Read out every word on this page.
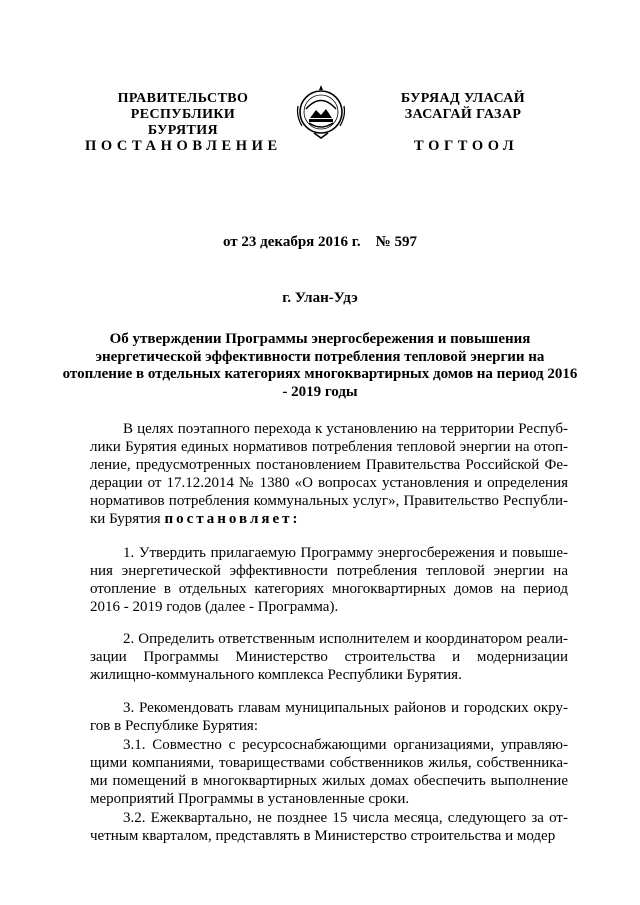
ПРАВИТЕЛЬСТВО
РЕСПУБЛИКИ БУРЯТИЯ
ПОСТАНОВЛЕНИЕ
БУРЯАД УЛАСАЙ
ЗАСАГАЙ ГАЗАР
ТОГТООЛ
от 23 декабря 2016 г.    № 597
г. Улан-Удэ
Об утверждении Программы энергосбережения и повышения энергетической эффективности потребления тепловой энергии на отопление в отдельных категориях многоквартирных домов на период 2016 - 2019 годы
В целях поэтапного перехода к установлению на территории Республики Бурятия единых нормативов потребления тепловой энергии на отопление, предусмотренных постановлением Правительства Российской Федерации от 17.12.2014 № 1380 «О вопросах установления и определения нормативов потребления коммунальных услуг», Правительство Республики Бурятия постановляет:
1. Утвердить прилагаемую Программу энергосбережения и повышения энергетической эффективности потребления тепловой энергии на отопление в отдельных категориях многоквартирных домов на период 2016 - 2019 годов (далее - Программа).
2. Определить ответственным исполнителем и координатором реализации Программы Министерство строительства и модернизации жилищно-коммунального комплекса Республики Бурятия.
3. Рекомендовать главам муниципальных районов и городских округов в Республике Бурятия:
3.1. Совместно с ресурсоснабжающими организациями, управляющими компаниями, товариществами собственников жилья, собственниками помещений в многоквартирных жилых домах обеспечить выполнение мероприятий Программы в установленные сроки.
3.2. Ежеквартально, не позднее 15 числа месяца, следующего за отчетным кварталом, представлять в Министерство строительства и модер
